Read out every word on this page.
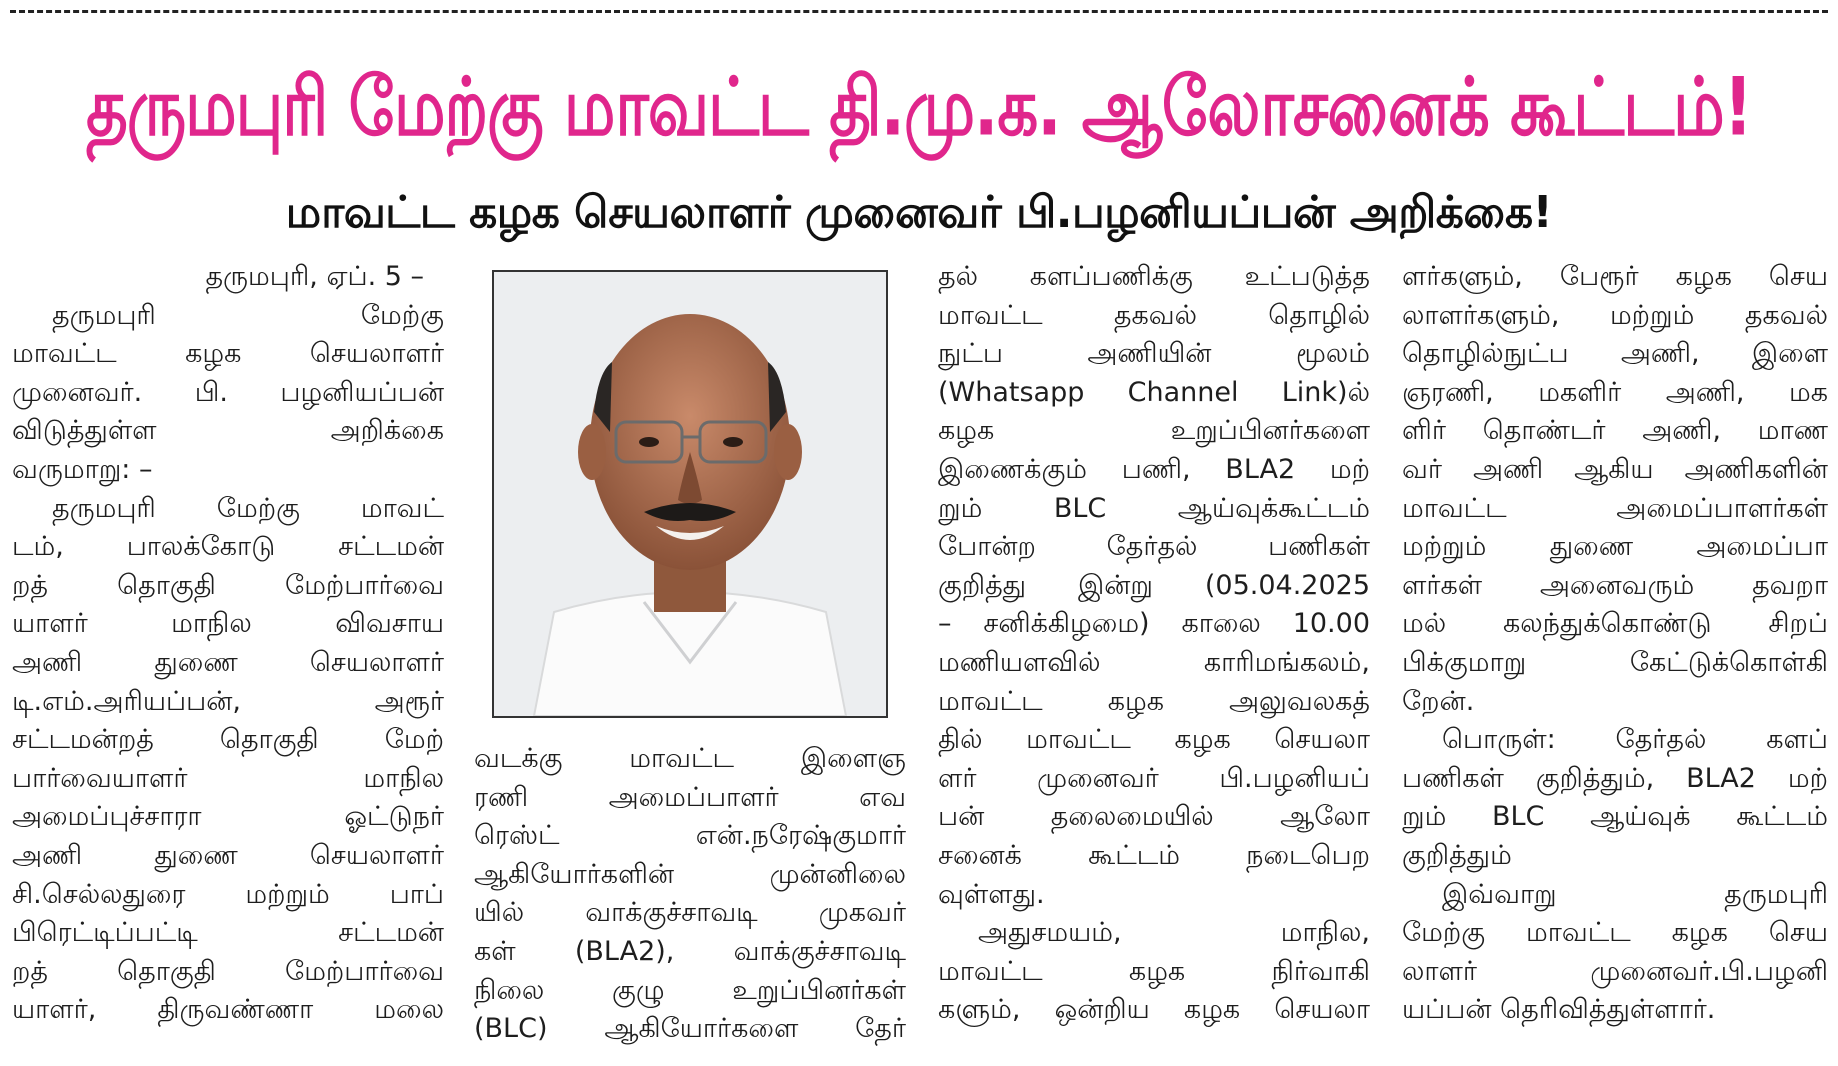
தருமபுரி மேற்கு மாவட்ட தி.மு.க. ஆலோசனைக் கூட்டம்!
மாவட்ட கழக செயலாளர் முனைவர் பி.பழனியப்பன் அறிக்கை!

தருமபுரி, ஏப். 5 –

தருமபுரி மேற்கு
மாவட்ட கழக செயலாளர்
முனைவர். பி. பழனியப்பன்
விடுத்துள்ள அறிக்கை
வருமாறு: –
தருமபுரி மேற்கு மாவட்
டம், பாலக்கோடு சட்டமன்
றத் தொகுதி மேற்பார்வை
யாளர் மாநில விவசாய
அணி துணை செயலாளர்
டி.எம்.அரியப்பன், அரூர்
சட்டமன்றத் தொகுதி மேற்
பார்வையாளர் மாநில
அமைப்புச்சாரா ஓட்டுநர்
அணி துணை செயலாளர்
சி.செல்லதுரை மற்றும் பாப்
பிரெட்டிப்பட்டி சட்டமன்
றத் தொகுதி மேற்பார்வை
யாளர், திருவண்ணா மலை
வடக்கு மாவட்ட இளைஞ
ரணி அமைப்பாளர் எவ
ரெஸ்ட் என்.நரேஷ்குமார்
ஆகியோர்களின் முன்னிலை
யில் வாக்குச்சாவடி முகவர்
கள் (BLA2), வாக்குச்சாவடி
நிலை குழு உறுப்பினர்கள்
(BLC) ஆகியோர்களை தேர்
தல் களப்பணிக்கு உட்படுத்த
மாவட்ட தகவல் தொழில்
நுட்ப அணியின் மூலம்
(Whatsapp Channel Link)ல்
கழக உறுப்பினர்களை
இணைக்கும் பணி, BLA2 மற்
றும் BLC ஆய்வுக்கூட்டம்
போன்ற தேர்தல் பணிகள்
குறித்து இன்று (05.04.2025
– சனிக்கிழமை) காலை 10.00
மணியளவில் காரிமங்கலம்,
மாவட்ட கழக அலுவலகத்
தில் மாவட்ட கழக செயலா
ளர் முனைவர் பி.பழனியப்
பன் தலைமையில் ஆலோ
சனைக் கூட்டம் நடைபெற
வுள்ளது.
அதுசமயம், மாநில,
மாவட்ட கழக நிர்வாகி
களும், ஒன்றிய கழக செயலா
ளர்களும், பேரூர் கழக செய
லாளர்களும், மற்றும் தகவல்
தொழில்நுட்ப அணி, இளை
ஞரணி, மகளிர் அணி, மக
ளிர் தொண்டர் அணி, மாண
வர் அணி ஆகிய அணிகளின்
மாவட்ட அமைப்பாளர்கள்
மற்றும் துணை அமைப்பா
ளர்கள் அனைவரும் தவறா
மல் கலந்துக்கொண்டு சிறப்
பிக்குமாறு கேட்டுக்கொள்கி
றேன்.
பொருள்: தேர்தல் களப்
பணிகள் குறித்தும், BLA2 மற்
றும் BLC ஆய்வுக் கூட்டம்
குறித்தும்
இவ்வாறு தருமபுரி
மேற்கு மாவட்ட கழக செய
லாளர் முனைவர்.பி.பழனி
யப்பன் தெரிவித்துள்ளார்.
